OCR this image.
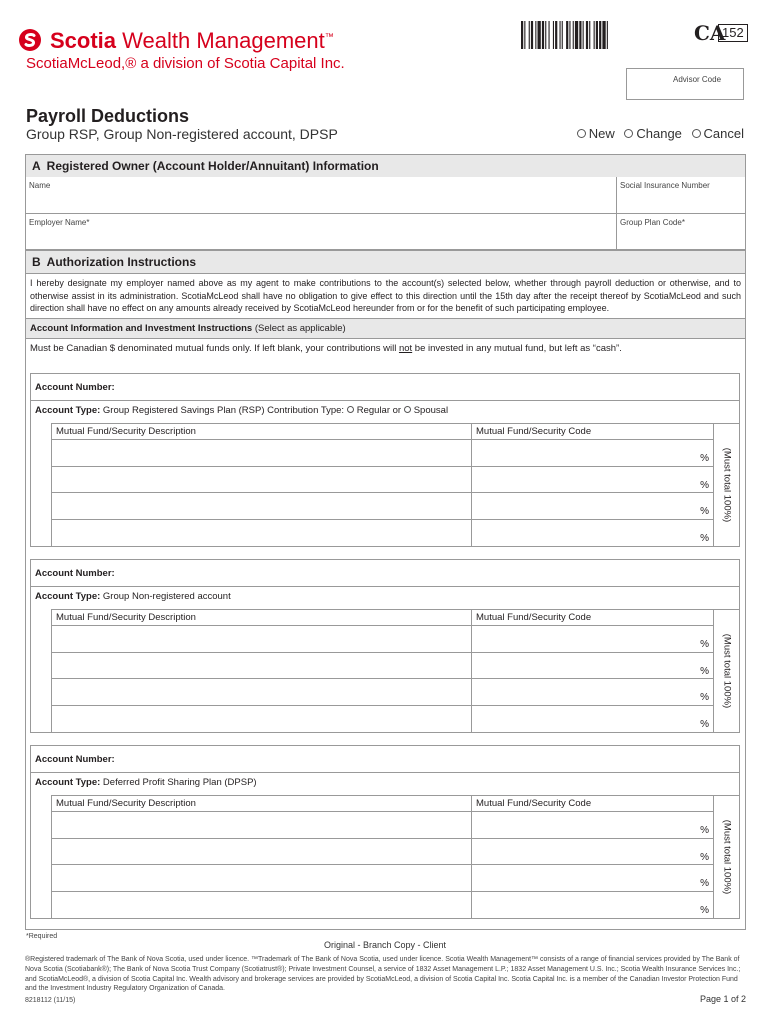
Scotia Wealth Management™
ScotiaMcLeod,® a division of Scotia Capital Inc.
CA
152
Advisor Code
Payroll Deductions
Group RSP, Group Non-registered account, DPSP	New Change Cancel
A Registered Owner (Account Holder/Annuitant) Information
Name	Social Insurance Number
Employer Name*	Group Plan Code*
B Authorization Instructions
I hereby designate my employer named above as my agent to make contributions to the account(s) selected below, whether through payroll deduction or otherwise, and to otherwise assist in its administration. ScotiaMcLeod shall have no obligation to give effect to this direction until the 15th day after the receipt thereof by ScotiaMcLeod and such direction shall have no effect on any amounts already received by ScotiaMcLeod hereunder from or for the benefit of such participating employee.
Account Information and Investment Instructions (Select as applicable)
Must be Canadian $ denominated mutual funds only. If left blank, your contributions will not be invested in any mutual fund, but left as “cash”.
Account Number:
Account Type: Group Registered Savings Plan (RSP) Contribution Type: Regular or Spousal
Mutual Fund/Security Description	Mutual Fund/Security Code
%
%
%
%
(Must total 100%)
Account Number:
Account Type: Group Non-registered account
Mutual Fund/Security Description	Mutual Fund/Security Code
%
%
%
%
(Must total 100%)
Account Number:
Account Type: Deferred Profit Sharing Plan (DPSP)
Mutual Fund/Security Description	Mutual Fund/Security Code
%
%
%
%
(Must total 100%)
*Required
Original - Branch Copy - Client
®Registered trademark of The Bank of Nova Scotia, used under licence. ™Trademark of The Bank of Nova Scotia, used under licence. Scotia Wealth Management™ consists of a range of financial services provided by The Bank of Nova Scotia (Scotiabank®); The Bank of Nova Scotia Trust Company (Scotiatrust®); Private Investment Counsel, a service of 1832 Asset Management L.P.; 1832 Asset Management U.S. Inc.; Scotia Wealth Insurance Services Inc.; and ScotiaMcLeod®, a division of Scotia Capital Inc. Wealth advisory and brokerage services are provided by ScotiaMcLeod, a division of Scotia Capital Inc. Scotia Capital Inc. is a member of the Canadian Investor Protection Fund and the Investment Industry Regulatory Organization of Canada.
8218112 (11/15)	Page 1 of 2
